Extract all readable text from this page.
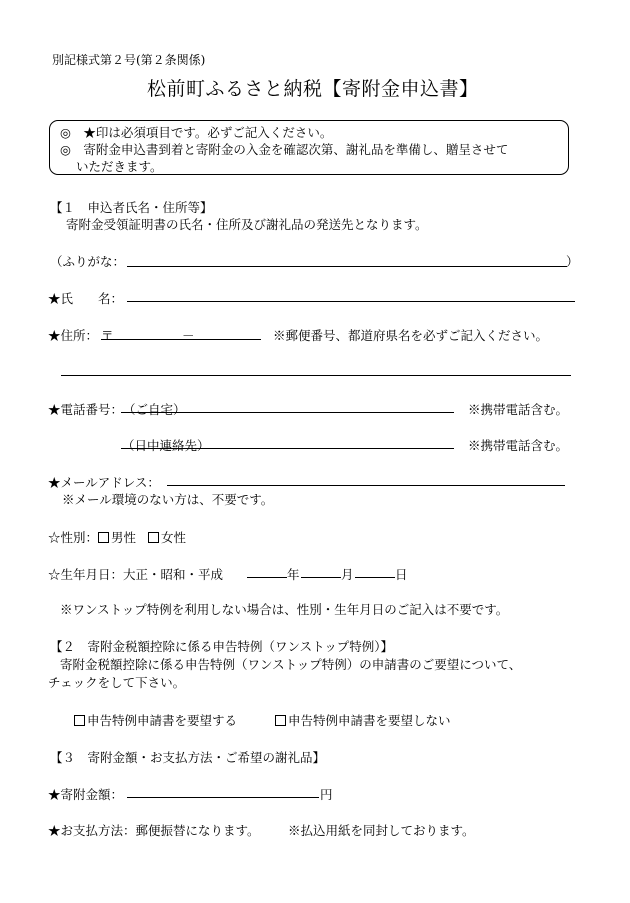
別記様式第２号(第２条関係)
松前町ふるさと納税【寄附金申込書】
◎　★印は必須項目です。必ずご記入ください。
◎　寄附金申込書到着と寄附金の入金を確認次第、謝礼品を準備し、贈呈させて
いただきます。
【１　申込者氏名・住所等】
寄附金受領証明書の氏名・住所及び謝礼品の発送先となります。
（ふりがな：	）
★氏　　名：
★住所： 〒	－	※郵便番号、都道府県名を必ずご記入ください。
★電話番号： （ご自宅）	※携帯電話含む。
（日中連絡先）	※携帯電話含む。
★メールアドレス：
※メール環境のない方は、不要です。
☆性別： 男性 女性
☆生年月日：大正・昭和・平成	年	月	日
※ワンストップ特例を利用しない場合は、性別・生年月日のご記入は不要です。
【２　寄附金税額控除に係る申告特例（ワンストップ特例）】
寄附金税額控除に係る申告特例（ワンストップ特例）の申請書のご要望について、
チェックをして下さい。
申告特例申請書を要望する	申告特例申請書を要望しない
【３　寄附金額・お支払方法・ご希望の謝礼品】
★寄附金額：	円
★お支払方法：郵便振替になります。 ※払込用紙を同封しております。
